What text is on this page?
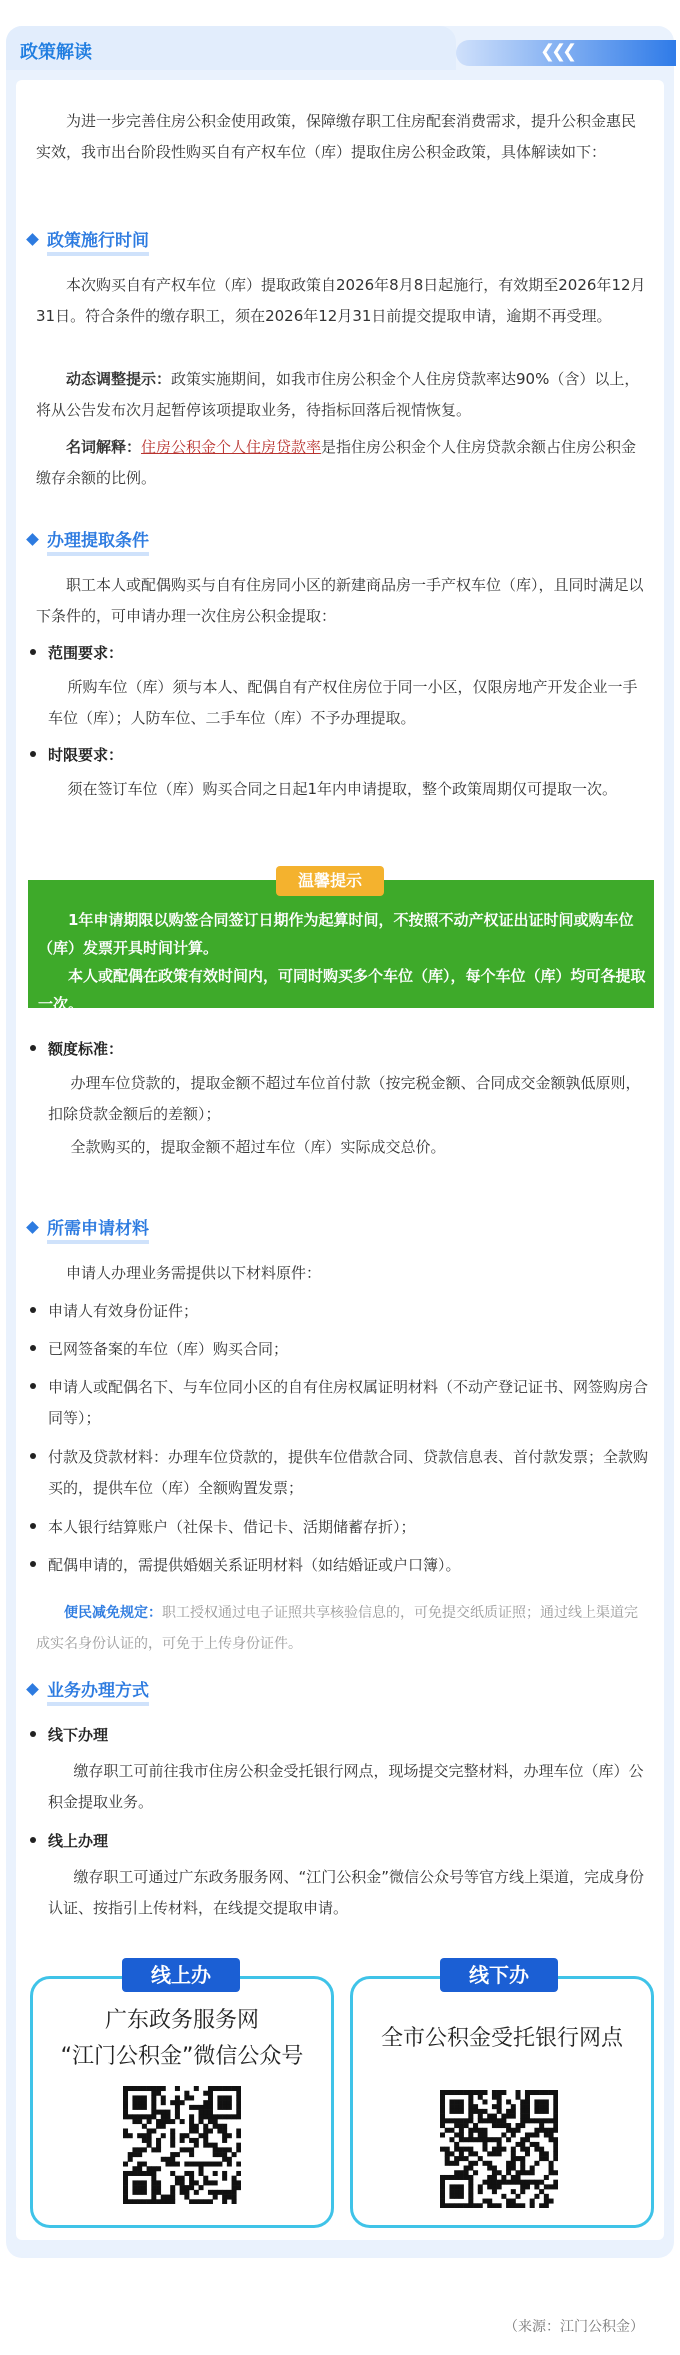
政策解读	❮❮❮
为进一步完善住房公积金使用政策，保障缴存职工住房配套消费需求，提升公积金惠民实效，我市出台阶段性购买自有产权车位（库）提取住房公积金政策，具体解读如下：
政策施行时间
本次购买自有产权车位（库）提取政策自2026年8月8日起施行，有效期至2026年12月31日。符合条件的缴存职工，须在2026年12月31日前提交提取申请，逾期不再受理。
动态调整提示：政策实施期间，如我市住房公积金个人住房贷款率达90%（含）以上，将从公告发布次月起暂停该项提取业务，待指标回落后视情恢复。
名词解释：住房公积金个人住房贷款率是指住房公积金个人住房贷款余额占住房公积金缴存余额的比例。
办理提取条件
职工本人或配偶购买与自有住房同小区的新建商品房一手产权车位（库），且同时满足以下条件的，可申请办理一次住房公积金提取：
范围要求：
所购车位（库）须与本人、配偶自有产权住房位于同一小区，仅限房地产开发企业一手车位（库）；人防车位、二手车位（库）不予办理提取。
时限要求：
须在签订车位（库）购买合同之日起1年内申请提取，整个政策周期仅可提取一次。

1年申请期限以购签合同签订日期作为起算时间，不按照不动产权证出证时间或购车位（库）发票开具时间计算。

本人或配偶在政策有效时间内，可同时购买多个车位（库），每个车位（库）均可各提取一次。

温馨提示
额度标准：
办理车位贷款的，提取金额不超过车位首付款（按完税金额、合同成交金额孰低原则，扣除贷款金额后的差额）；
全款购买的，提取金额不超过车位（库）实际成交总价。
所需申请材料
申请人办理业务需提供以下材料原件：
申请人有效身份证件；
已网签备案的车位（库）购买合同；
申请人或配偶名下、与车位同小区的自有住房权属证明材料（不动产登记证书、网签购房合同等）；
付款及贷款材料：办理车位贷款的，提供车位借款合同、贷款信息表、首付款发票；全款购买的，提供车位（库）全额购置发票；
本人银行结算账户（社保卡、借记卡、活期储蓄存折）；
配偶申请的，需提供婚姻关系证明材料（如结婚证或户口簿）。
便民减免规定：职工授权通过电子证照共享核验信息的，可免提交纸质证照；通过线上渠道完成实名身份认证的，可免于上传身份证件。
业务办理方式
线下办理
缴存职工可前往我市住房公积金受托银行网点，现场提交完整材料，办理车位（库）公积金提取业务。
线上办理
缴存职工可通过广东政务服务网、“江门公积金”微信公众号等官方线上渠道，完成身份认证、按指引上传材料，在线提交提取申请。
线上办
广东政务服务网
“江门公积金”微信公众号
线下办
全市公积金受托银行网点
（来源：江门公积金）
